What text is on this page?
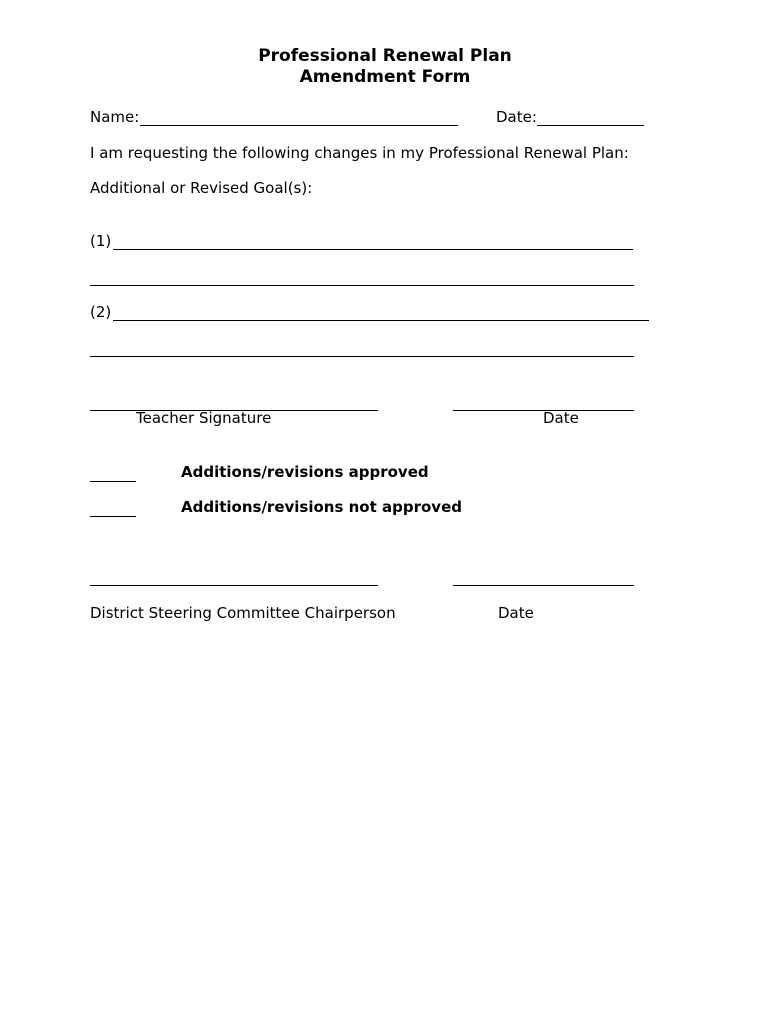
Professional Renewal Plan
Amendment Form
Name:	Date:
I am requesting the following changes in my Professional Renewal Plan:
Additional or Revised Goal(s):
(1)
(2)
Teacher Signature	Date
Additions/revisions approved
Additions/revisions not approved
District Steering Committee Chairperson	Date
